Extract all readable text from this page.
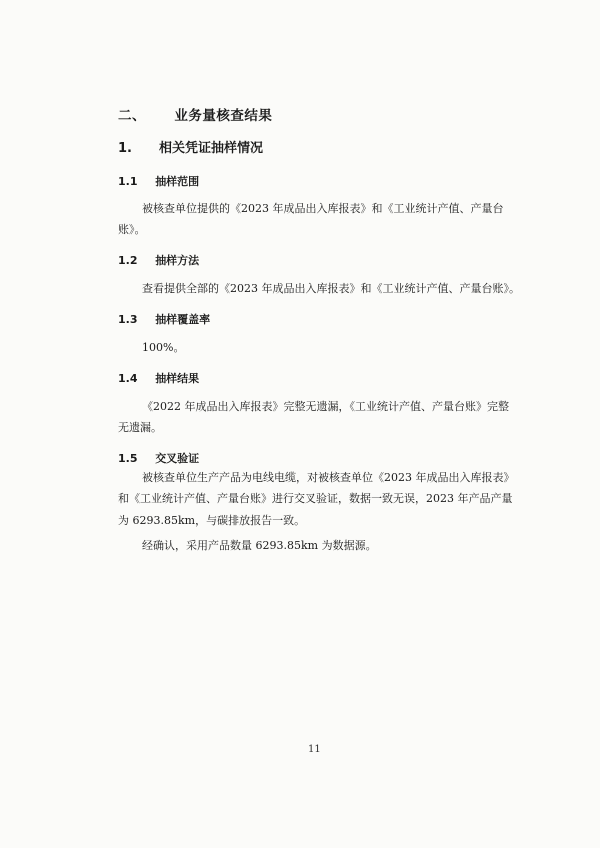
二、 业务量核查结果
1. 相关凭证抽样情况
1.1 抽样范围
被核查单位提供的《2023 年成品出入库报表》和《工业统计产值、产量台
账》。
1.2 抽样方法
查看提供全部的《2023 年成品出入库报表》和《工业统计产值、产量台账》。
1.3 抽样覆盖率
100%。
1.4 抽样结果
《2022 年成品出入库报表》完整无遗漏，《工业统计产值、产量台账》完整
无遗漏。
1.5 交叉验证
被核查单位生产产品为电线电缆，对被核查单位《2023 年成品出入库报表》
和《工业统计产值、产量台账》进行交叉验证，数据一致无误，2023 年产品产量
为 6293.85km，与碳排放报告一致。
经确认，采用产品数量 6293.85km 为数据源。
11
